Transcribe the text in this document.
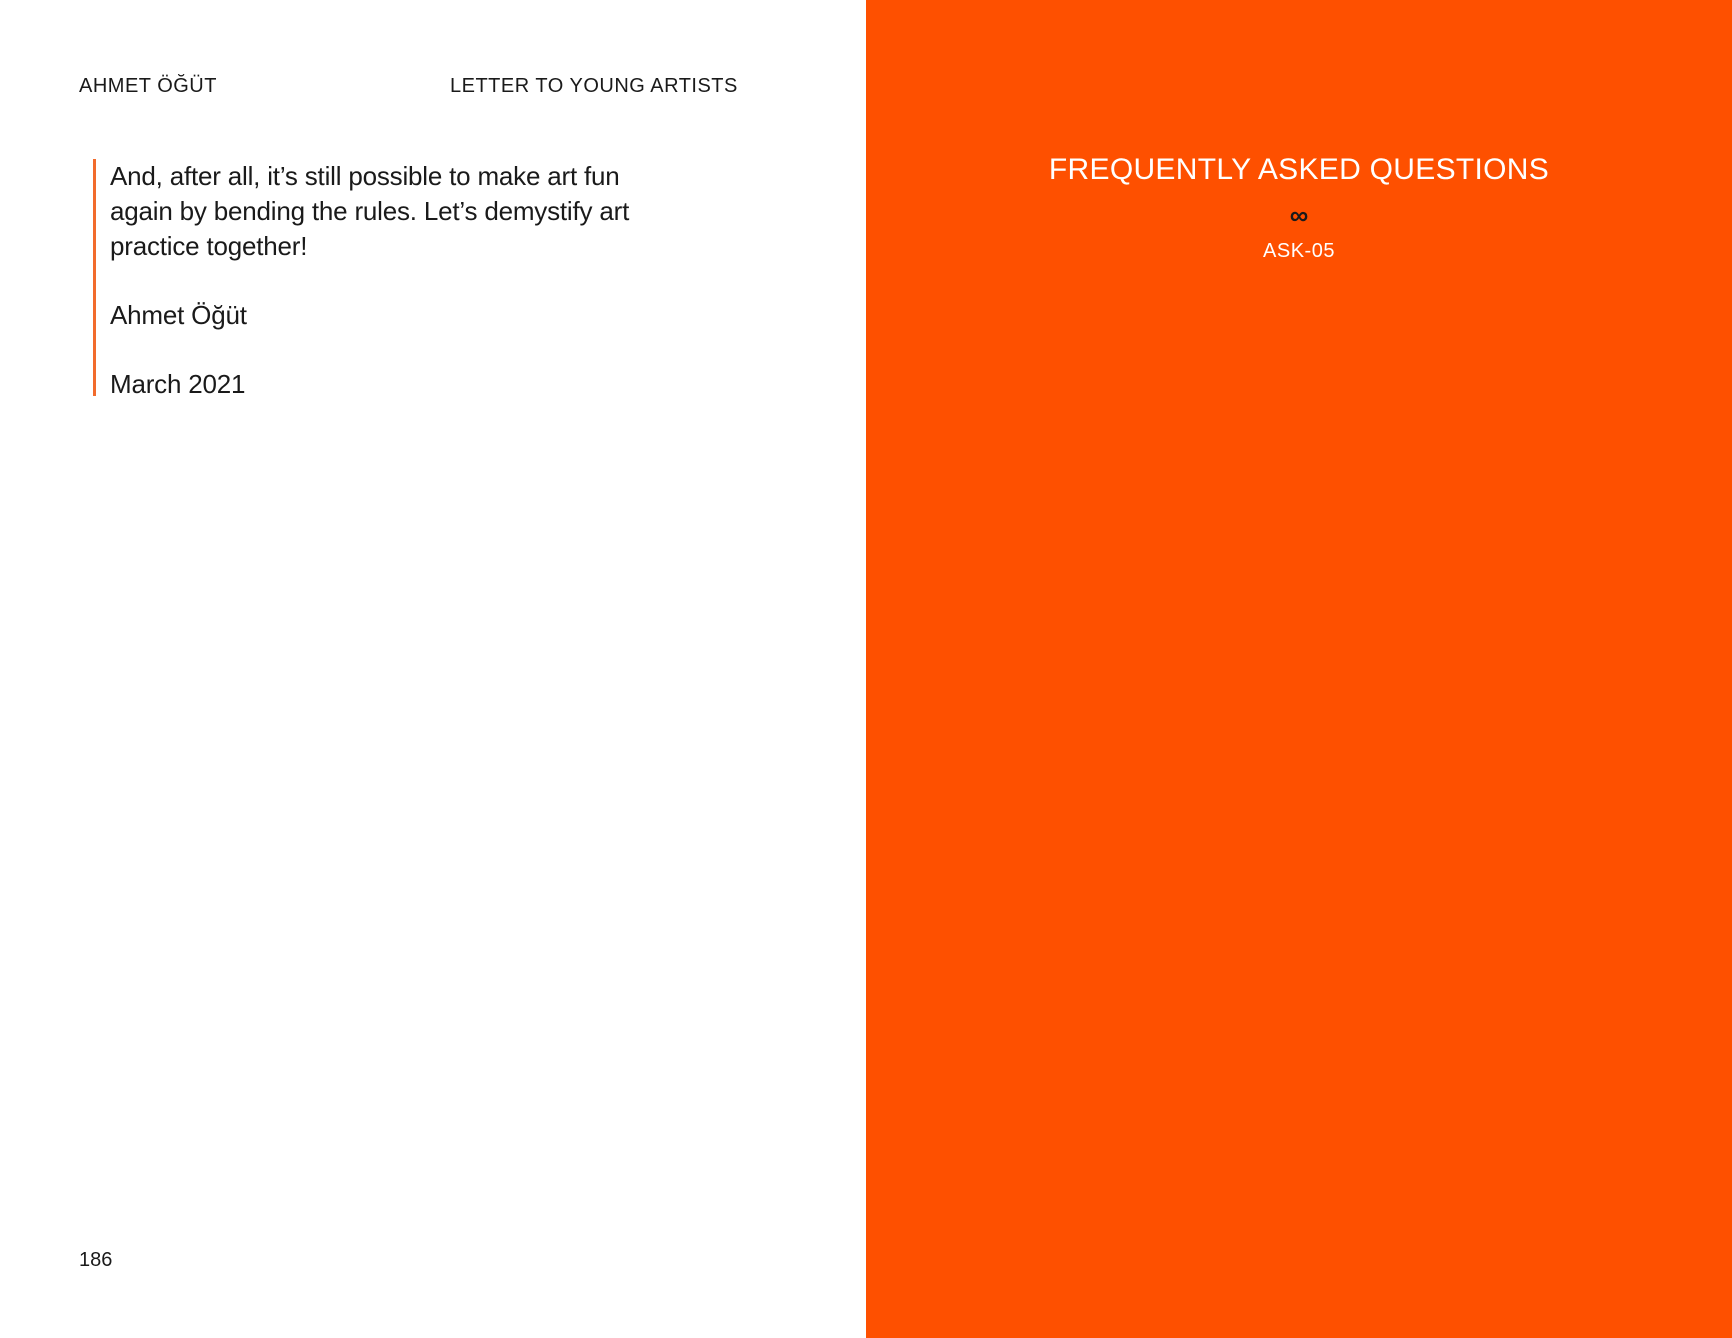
AHMET ÖĞÜT	LETTER TO YOUNG ARTISTS

And, after all, it’s still possible to make art fun again by bending the rules. Let’s demystify art practice together!

Ahmet Öğüt

March 2021

186
FREQUENTLY ASKED QUESTIONS
∞
ASK-05
